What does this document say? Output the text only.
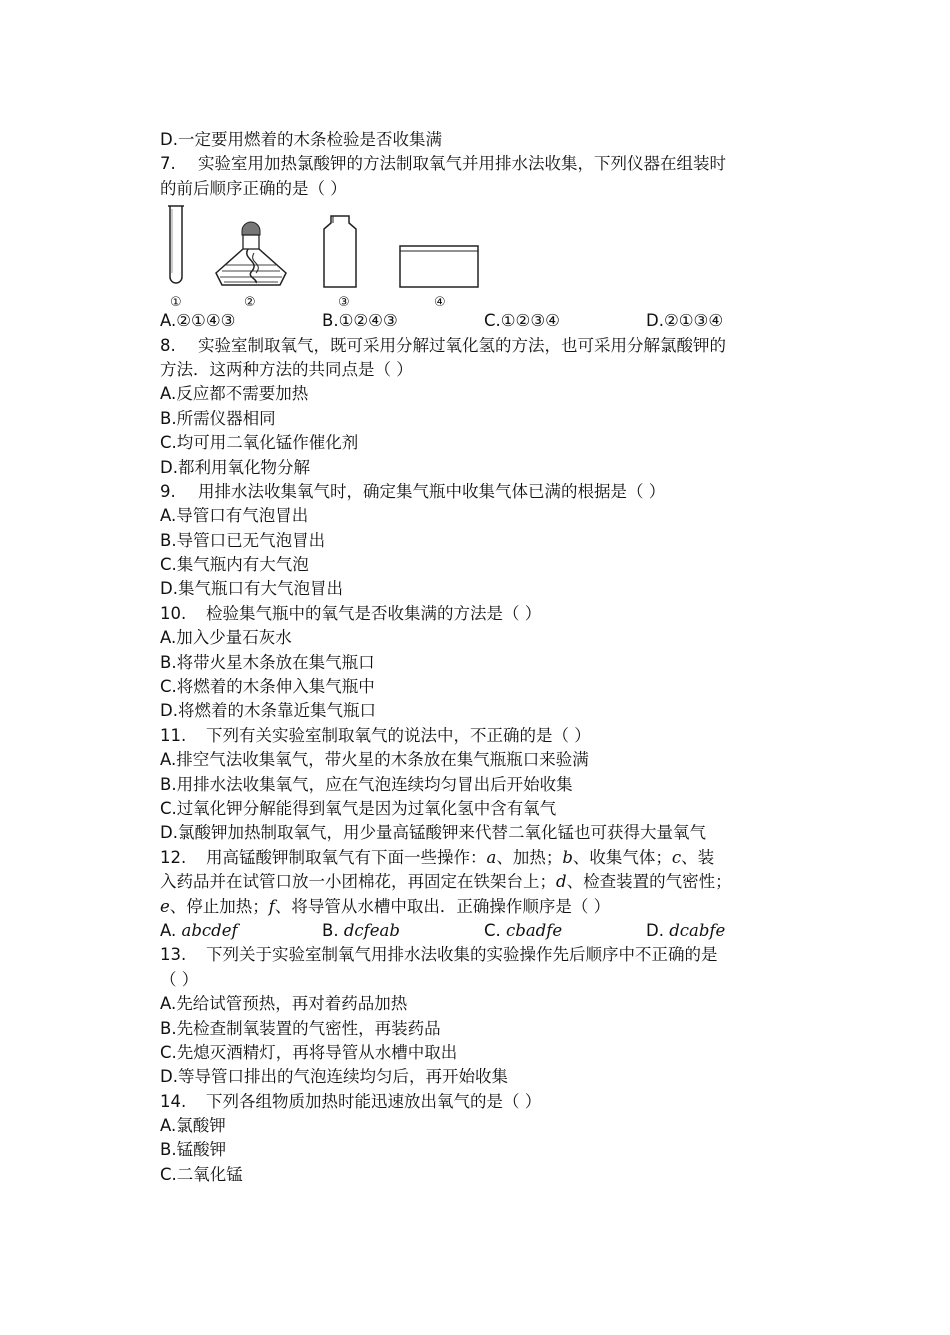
D.一定要用燃着的木条检验是否收集满
7. 实验室用加热氯酸钾的方法制取氧气并用排水法收集，下列仪器在组装时
的前后顺序正确的是（ ）
①	②	③	④
A.②①④③	B.①②④③	C.①②③④	D.②①③④
8. 实验室制取氧气，既可采用分解过氧化氢的方法，也可采用分解氯酸钾的
方法．这两种方法的共同点是（ ）
A.反应都不需要加热
B.所需仪器相同
C.均可用二氧化锰作催化剂
D.都利用氧化物分解
9. 用排水法收集氧气时，确定集气瓶中收集气体已满的根据是（ ）
A.导管口有气泡冒出
B.导管口已无气泡冒出
C.集气瓶内有大气泡
D.集气瓶口有大气泡冒出
10. 检验集气瓶中的氧气是否收集满的方法是（ ）
A.加入少量石灰水
B.将带火星木条放在集气瓶口
C.将燃着的木条伸入集气瓶中
D.将燃着的木条靠近集气瓶口
11. 下列有关实验室制取氧气的说法中，不正确的是（ ）
A.排空气法收集氧气，带火星的木条放在集气瓶瓶口来验满
B.用排水法收集氧气，应在气泡连续均匀冒出后开始收集
C.过氧化钾分解能得到氧气是因为过氧化氢中含有氧气
D.氯酸钾加热制取氧气，用少量高锰酸钾来代替二氧化锰也可获得大量氧气
12. 用高锰酸钾制取氧气有下面一些操作：a、加热；b、收集气体；c、装
入药品并在试管口放一小团棉花，再固定在铁架台上；d、检查装置的气密性；
e、停止加热；f、将导管从水槽中取出．正确操作顺序是（ ）
A. abcdef	B. dcfeab	C. cbadfe	D. dcabfe
13. 下列关于实验室制氧气用排水法收集的实验操作先后顺序中不正确的是
（ ）
A.先给试管预热，再对着药品加热
B.先检查制氧装置的气密性，再装药品
C.先熄灭酒精灯，再将导管从水槽中取出
D.等导管口排出的气泡连续均匀后，再开始收集
14. 下列各组物质加热时能迅速放出氧气的是（ ）
A.氯酸钾
B.锰酸钾
C.二氧化锰
